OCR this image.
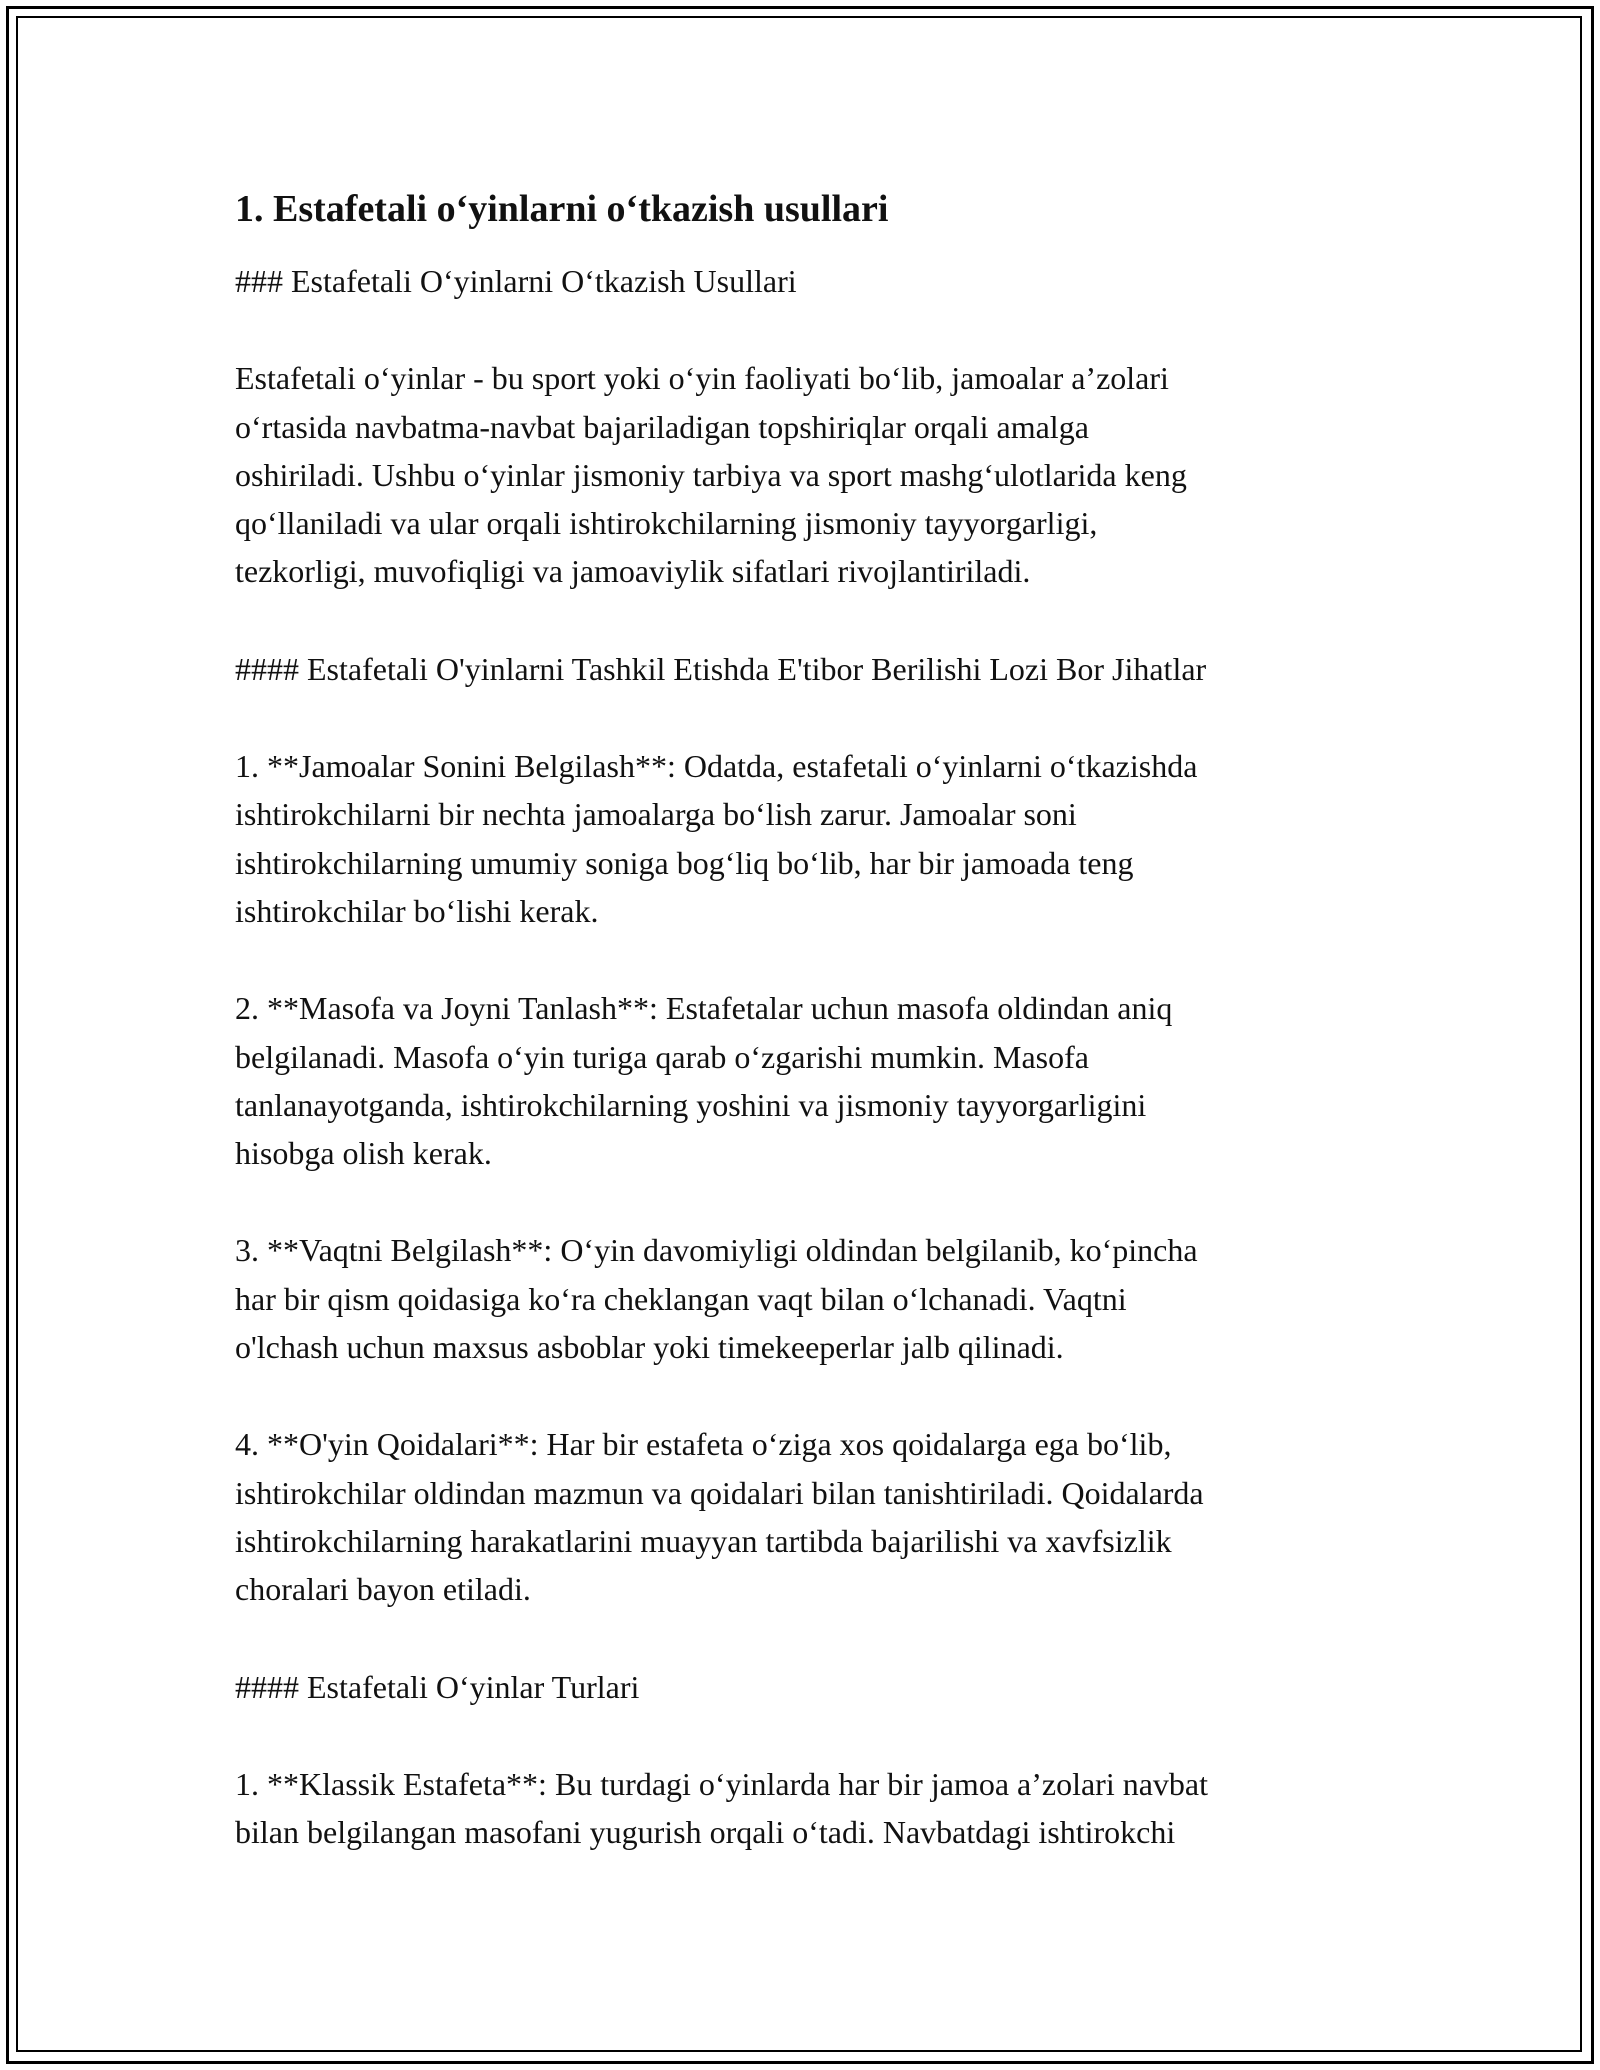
1. Estafetali o‘yinlarni o‘tkazish usullari
### Estafetali O‘yinlarni O‘tkazish Usullari
Estafetali o‘yinlar - bu sport yoki o‘yin faoliyati bo‘lib, jamoalar a’zolari
o‘rtasida navbatma-navbat bajariladigan topshiriqlar orqali amalga
oshiriladi. Ushbu o‘yinlar jismoniy tarbiya va sport mashg‘ulotlarida keng
qo‘llaniladi va ular orqali ishtirokchilarning jismoniy tayyorgarligi,
tezkorligi, muvofiqligi va jamoaviylik sifatlari rivojlantiriladi.
#### Estafetali O'yinlarni Tashkil Etishda E'tibor Berilishi Lozi Bor Jihatlar
1. **Jamoalar Sonini Belgilash**: Odatda, estafetali o‘yinlarni o‘tkazishda
ishtirokchilarni bir nechta jamoalarga bo‘lish zarur. Jamoalar soni
ishtirokchilarning umumiy soniga bog‘liq bo‘lib, har bir jamoada teng
ishtirokchilar bo‘lishi kerak.
2. **Masofa va Joyni Tanlash**: Estafetalar uchun masofa oldindan aniq
belgilanadi. Masofa o‘yin turiga qarab o‘zgarishi mumkin. Masofa
tanlanayotganda, ishtirokchilarning yoshini va jismoniy tayyorgarligini
hisobga olish kerak.
3. **Vaqtni Belgilash**: O‘yin davomiyligi oldindan belgilanib, ko‘pincha
har bir qism qoidasiga ko‘ra cheklangan vaqt bilan o‘lchanadi. Vaqtni
o'lchash uchun maxsus asboblar yoki timekeeperlar jalb qilinadi.
4. **O'yin Qoidalari**: Har bir estafeta o‘ziga xos qoidalarga ega bo‘lib,
ishtirokchilar oldindan mazmun va qoidalari bilan tanishtiriladi. Qoidalarda
ishtirokchilarning harakatlarini muayyan tartibda bajarilishi va xavfsizlik
choralari bayon etiladi.
#### Estafetali O‘yinlar Turlari
1. **Klassik Estafeta**: Bu turdagi o‘yinlarda har bir jamoa a’zolari navbat
bilan belgilangan masofani yugurish orqali o‘tadi. Navbatdagi ishtirokchi
